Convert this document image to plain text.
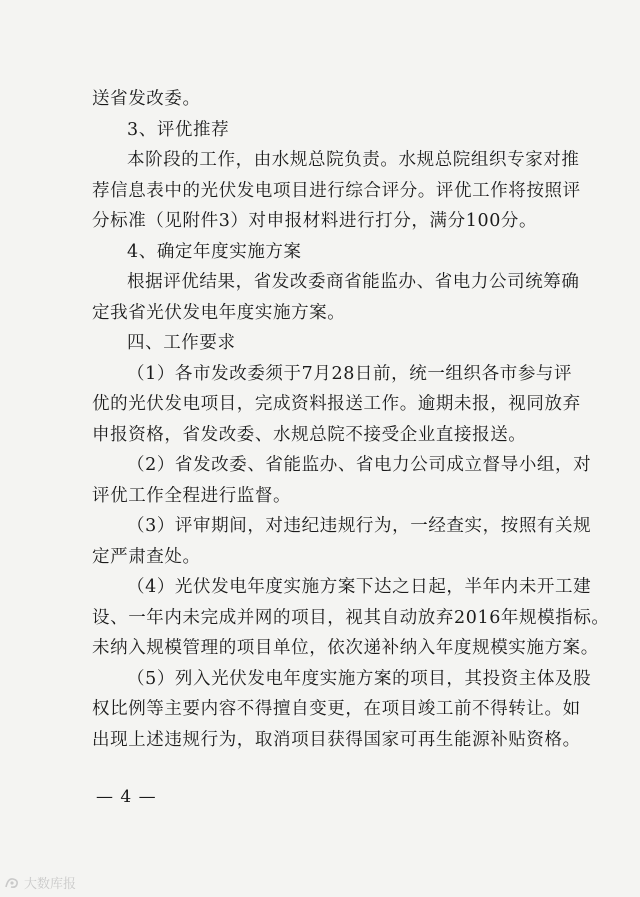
送省发改委。
3、评优推荐
本阶段的工作，由水规总院负责。水规总院组织专家对推
荐信息表中的光伏发电项目进行综合评分。评优工作将按照评
分标准（见附件3）对申报材料进行打分，满分100分。
4、确定年度实施方案
根据评优结果，省发改委商省能监办、省电力公司统筹确
定我省光伏发电年度实施方案。
四、工作要求
（1）各市发改委须于7月28日前，统一组织各市参与评
优的光伏发电项目，完成资料报送工作。逾期未报，视同放弃
申报资格，省发改委、水规总院不接受企业直接报送。
（2）省发改委、省能监办、省电力公司成立督导小组，对
评优工作全程进行监督。
（3）评审期间，对违纪违规行为，一经查实，按照有关规
定严肃查处。
（4）光伏发电年度实施方案下达之日起，半年内未开工建
设、一年内未完成并网的项目，视其自动放弃2016年规模指标。
未纳入规模管理的项目单位，依次递补纳入年度规模实施方案。
（5）列入光伏发电年度实施方案的项目，其投资主体及股
权比例等主要内容不得擅自变更，在项目竣工前不得转让。如
出现上述违规行为，取消项目获得国家可再生能源补贴资格。
— 4 —
大数库报
